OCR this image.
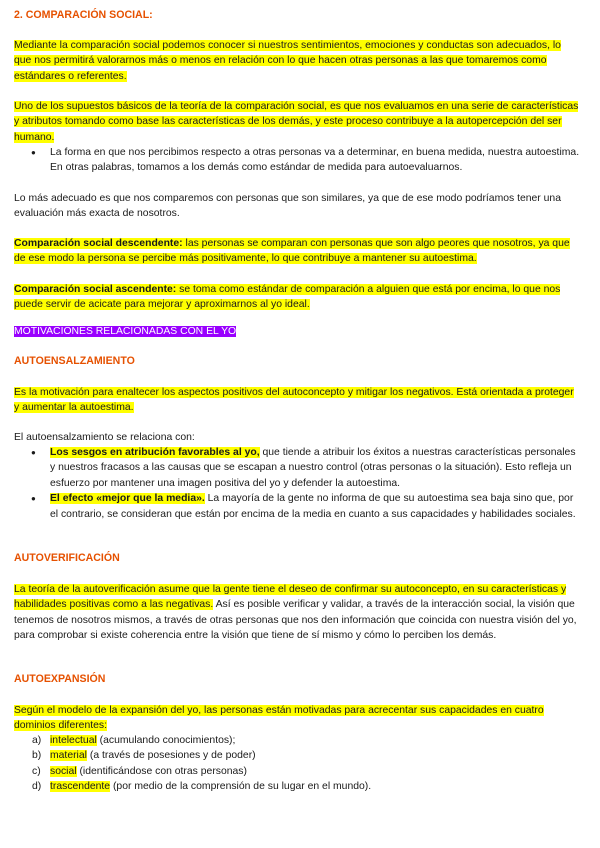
2. COMPARACIÓN SOCIAL:

Mediante la comparación social podemos conocer si nuestros sentimientos, emociones y conductas son adecuados, lo que nos permitirá valorarnos más o menos en relación con lo que hacen otras personas a las que tomaremos como estándares o referentes.

Uno de los supuestos básicos de la teoría de la comparación social, es que nos evaluamos en una serie de características y atributos tomando como base las características de los demás, y este proceso contribuye a la autopercepción del ser humano.

● La forma en que nos percibimos respecto a otras personas va a determinar, en buena medida, nuestra autoestima. En otras palabras, tomamos a los demás como estándar de medida para autoevaluarnos.

Lo más adecuado es que nos comparemos con personas que son similares, ya que de ese modo podríamos tener una evaluación más exacta de nosotros.

Comparación social descendente: las personas se comparan con personas que son algo peores que nosotros, ya que de ese modo la persona se percibe más positivamente, lo que contribuye a mantener su autoestima.

Comparación social ascendente: se toma como estándar de comparación a alguien que está por encima, lo que nos puede servir de acicate para mejorar y aproximarnos al yo ideal.

MOTIVACIONES RELACIONADAS CON EL YO
AUTOENSALZAMIENTO

Es la motivación para enaltecer los aspectos positivos del autoconcepto y mitigar los negativos. Está orientada a proteger y aumentar la autoestima.

El autoensalzamiento se relaciona con:

● Los sesgos en atribución favorables al yo, que tiende a atribuir los éxitos a nuestras características personales y nuestros fracasos a las causas que se escapan a nuestro control (otras personas o la situación). Esto refleja un esfuerzo por mantener una imagen positiva del yo y defender la autoestima.
● El efecto «mejor que la media». La mayoría de la gente no informa de que su autoestima sea baja sino que, por el contrario, se consideran que están por encima de la media en cuanto a sus capacidades y habilidades sociales.
AUTOVERIFICACIÓN

La teoría de la autoverificación asume que la gente tiene el deseo de confirmar su autoconcepto, en su características y habilidades positivas como a las negativas. Así es posible verificar y validar, a través de la interacción social, la visión que tenemos de nosotros mismos, a través de otras personas que nos den información que coincida con nuestra visión del yo, para comprobar si existe coherencia entre la visión que tiene de sí mismo y cómo lo perciben los demás.

AUTOEXPANSIÓN

Según el modelo de la expansión del yo, las personas están motivadas para acrecentar sus capacidades en cuatro dominios diferentes:

a) intelectual (acumulando conocimientos);
b) material (a través de posesiones y de poder)
c) social (identificándose con otras personas)
d) trascendente (por medio de la comprensión de su lugar en el mundo).
